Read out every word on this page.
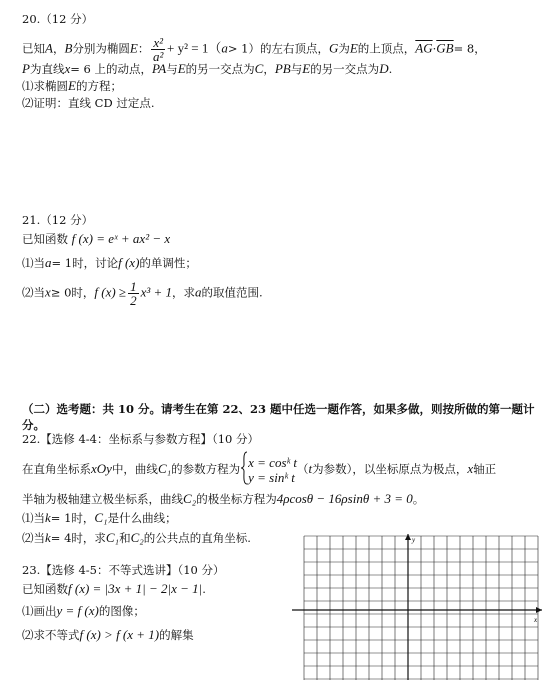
20.（12 分）
已知A，B分别为椭圆E： $\frac{\text{x²}}{\text{a²}} + y^2 = 1(a> 1)$的左右顶点，G为E的上顶点，$\overline{AG}\cdot\overline{GB}= 8$，
P为直线x= 6 上的动点，PA与E的另一交点为C，PB与E的另一交点为D.
⑴求椭圆E的方程；
⑵证明：直线 CD 过定点.
21.（12 分）
已知函数 f (x) = eˣ + ax² − x
⑴当a= 1时，讨论f (x)的单调性；
⑵当x≥ 0时，f $(x) \ge \frac{1}{2} x^3 + 1$，求a的取值范围.
（二）选考题：共 10 分。请考生在第 22、23 题中任选一题作答，如果多做，则按所做的第一题计
分。
22.【选修 4-4：坐标系与参数方程】（10 分）
在直角坐标系xOy中，曲线C₁的参数方程为 x = cosᵏ t
y = sinᵏ t
（t为参数），以坐标原点为极点，x轴正
半轴为极轴建立极坐标系，曲线C₂的极坐标方程为4ρcosθ − 16ρsinθ + 3 = 0。
⑴当k= 1时，C₁是什么曲线；
⑵当k= 4时，求C₁和C₂的公共点的直角坐标.
23.【选修 4-5：不等式选讲】（10 分）
已知函数f (x) = |3x + 1| − 2|x − 1|.
⑴画出y = f (x)的图像；
⑵求不等式f (x) > f (x + 1)的解集
y
x
